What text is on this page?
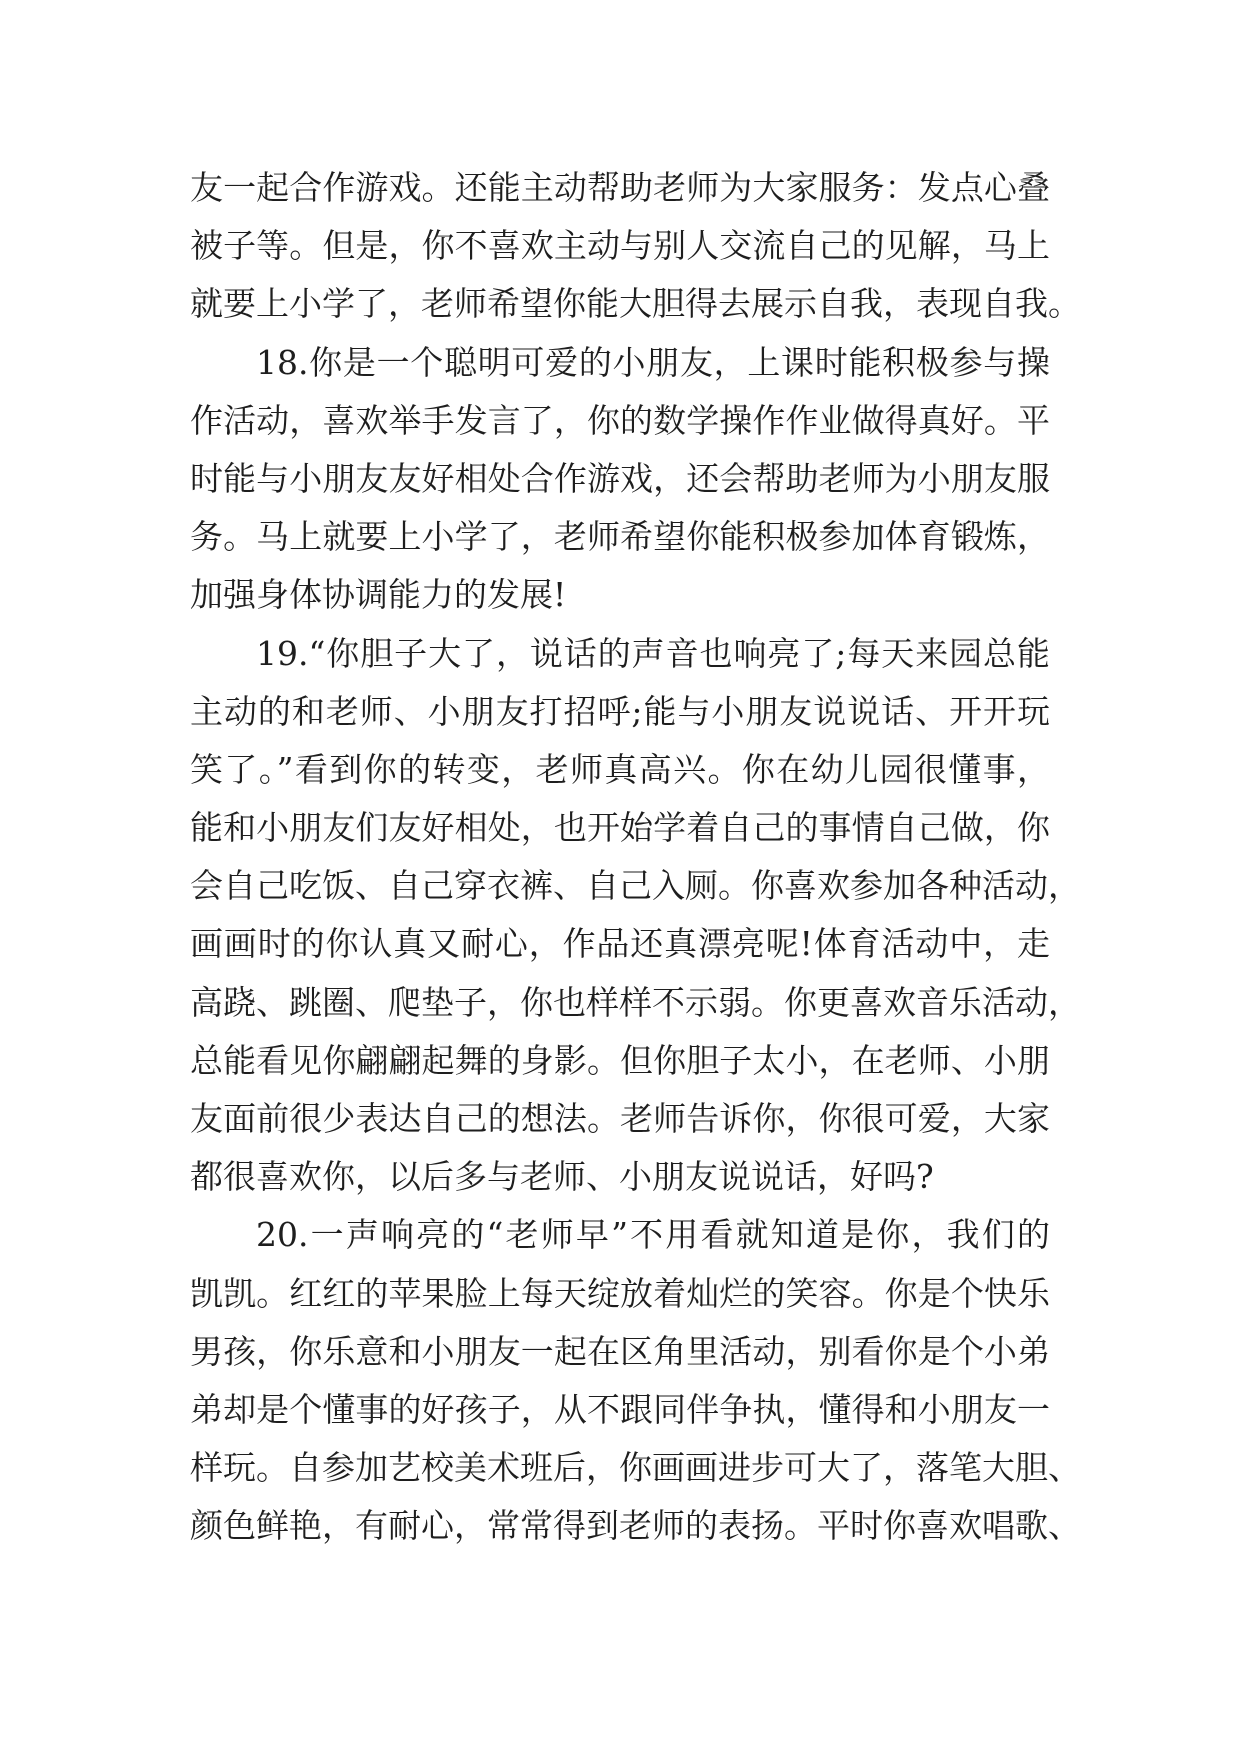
友一起合作游戏。还能主动帮助老师为大家服务：发点心叠
被子等。但是，你不喜欢主动与别人交流自己的见解，马上
就要上小学了，老师希望你能大胆得去展示自我，表现自我。
18.你是一个聪明可爱的小朋友，上课时能积极参与操
作活动，喜欢举手发言了，你的数学操作作业做得真好。平
时能与小朋友友好相处合作游戏，还会帮助老师为小朋友服
务。马上就要上小学了，老师希望你能积极参加体育锻炼，
加强身体协调能力的发展!
19.“你胆子大了，说话的声音也响亮了;每天来园总能
主动的和老师、小朋友打招呼;能与小朋友说说话、开开玩
笑了。”看到你的转变，老师真高兴。你在幼儿园很懂事，
能和小朋友们友好相处，也开始学着自己的事情自己做，你
会自己吃饭、自己穿衣裤、自己入厕。你喜欢参加各种活动，
画画时的你认真又耐心，作品还真漂亮呢!体育活动中，走
高跷、跳圈、爬垫子，你也样样不示弱。你更喜欢音乐活动，
总能看见你翩翩起舞的身影。但你胆子太小，在老师、小朋
友面前很少表达自己的想法。老师告诉你，你很可爱，大家
都很喜欢你，以后多与老师、小朋友说说话，好吗?
20.一声响亮的“老师早”不用看就知道是你，我们的
凯凯。红红的苹果脸上每天绽放着灿烂的笑容。你是个快乐
男孩，你乐意和小朋友一起在区角里活动，别看你是个小弟
弟却是个懂事的好孩子，从不跟同伴争执，懂得和小朋友一
样玩。自参加艺校美术班后，你画画进步可大了，落笔大胆、
颜色鲜艳，有耐心，常常得到老师的表扬。平时你喜欢唱歌、
